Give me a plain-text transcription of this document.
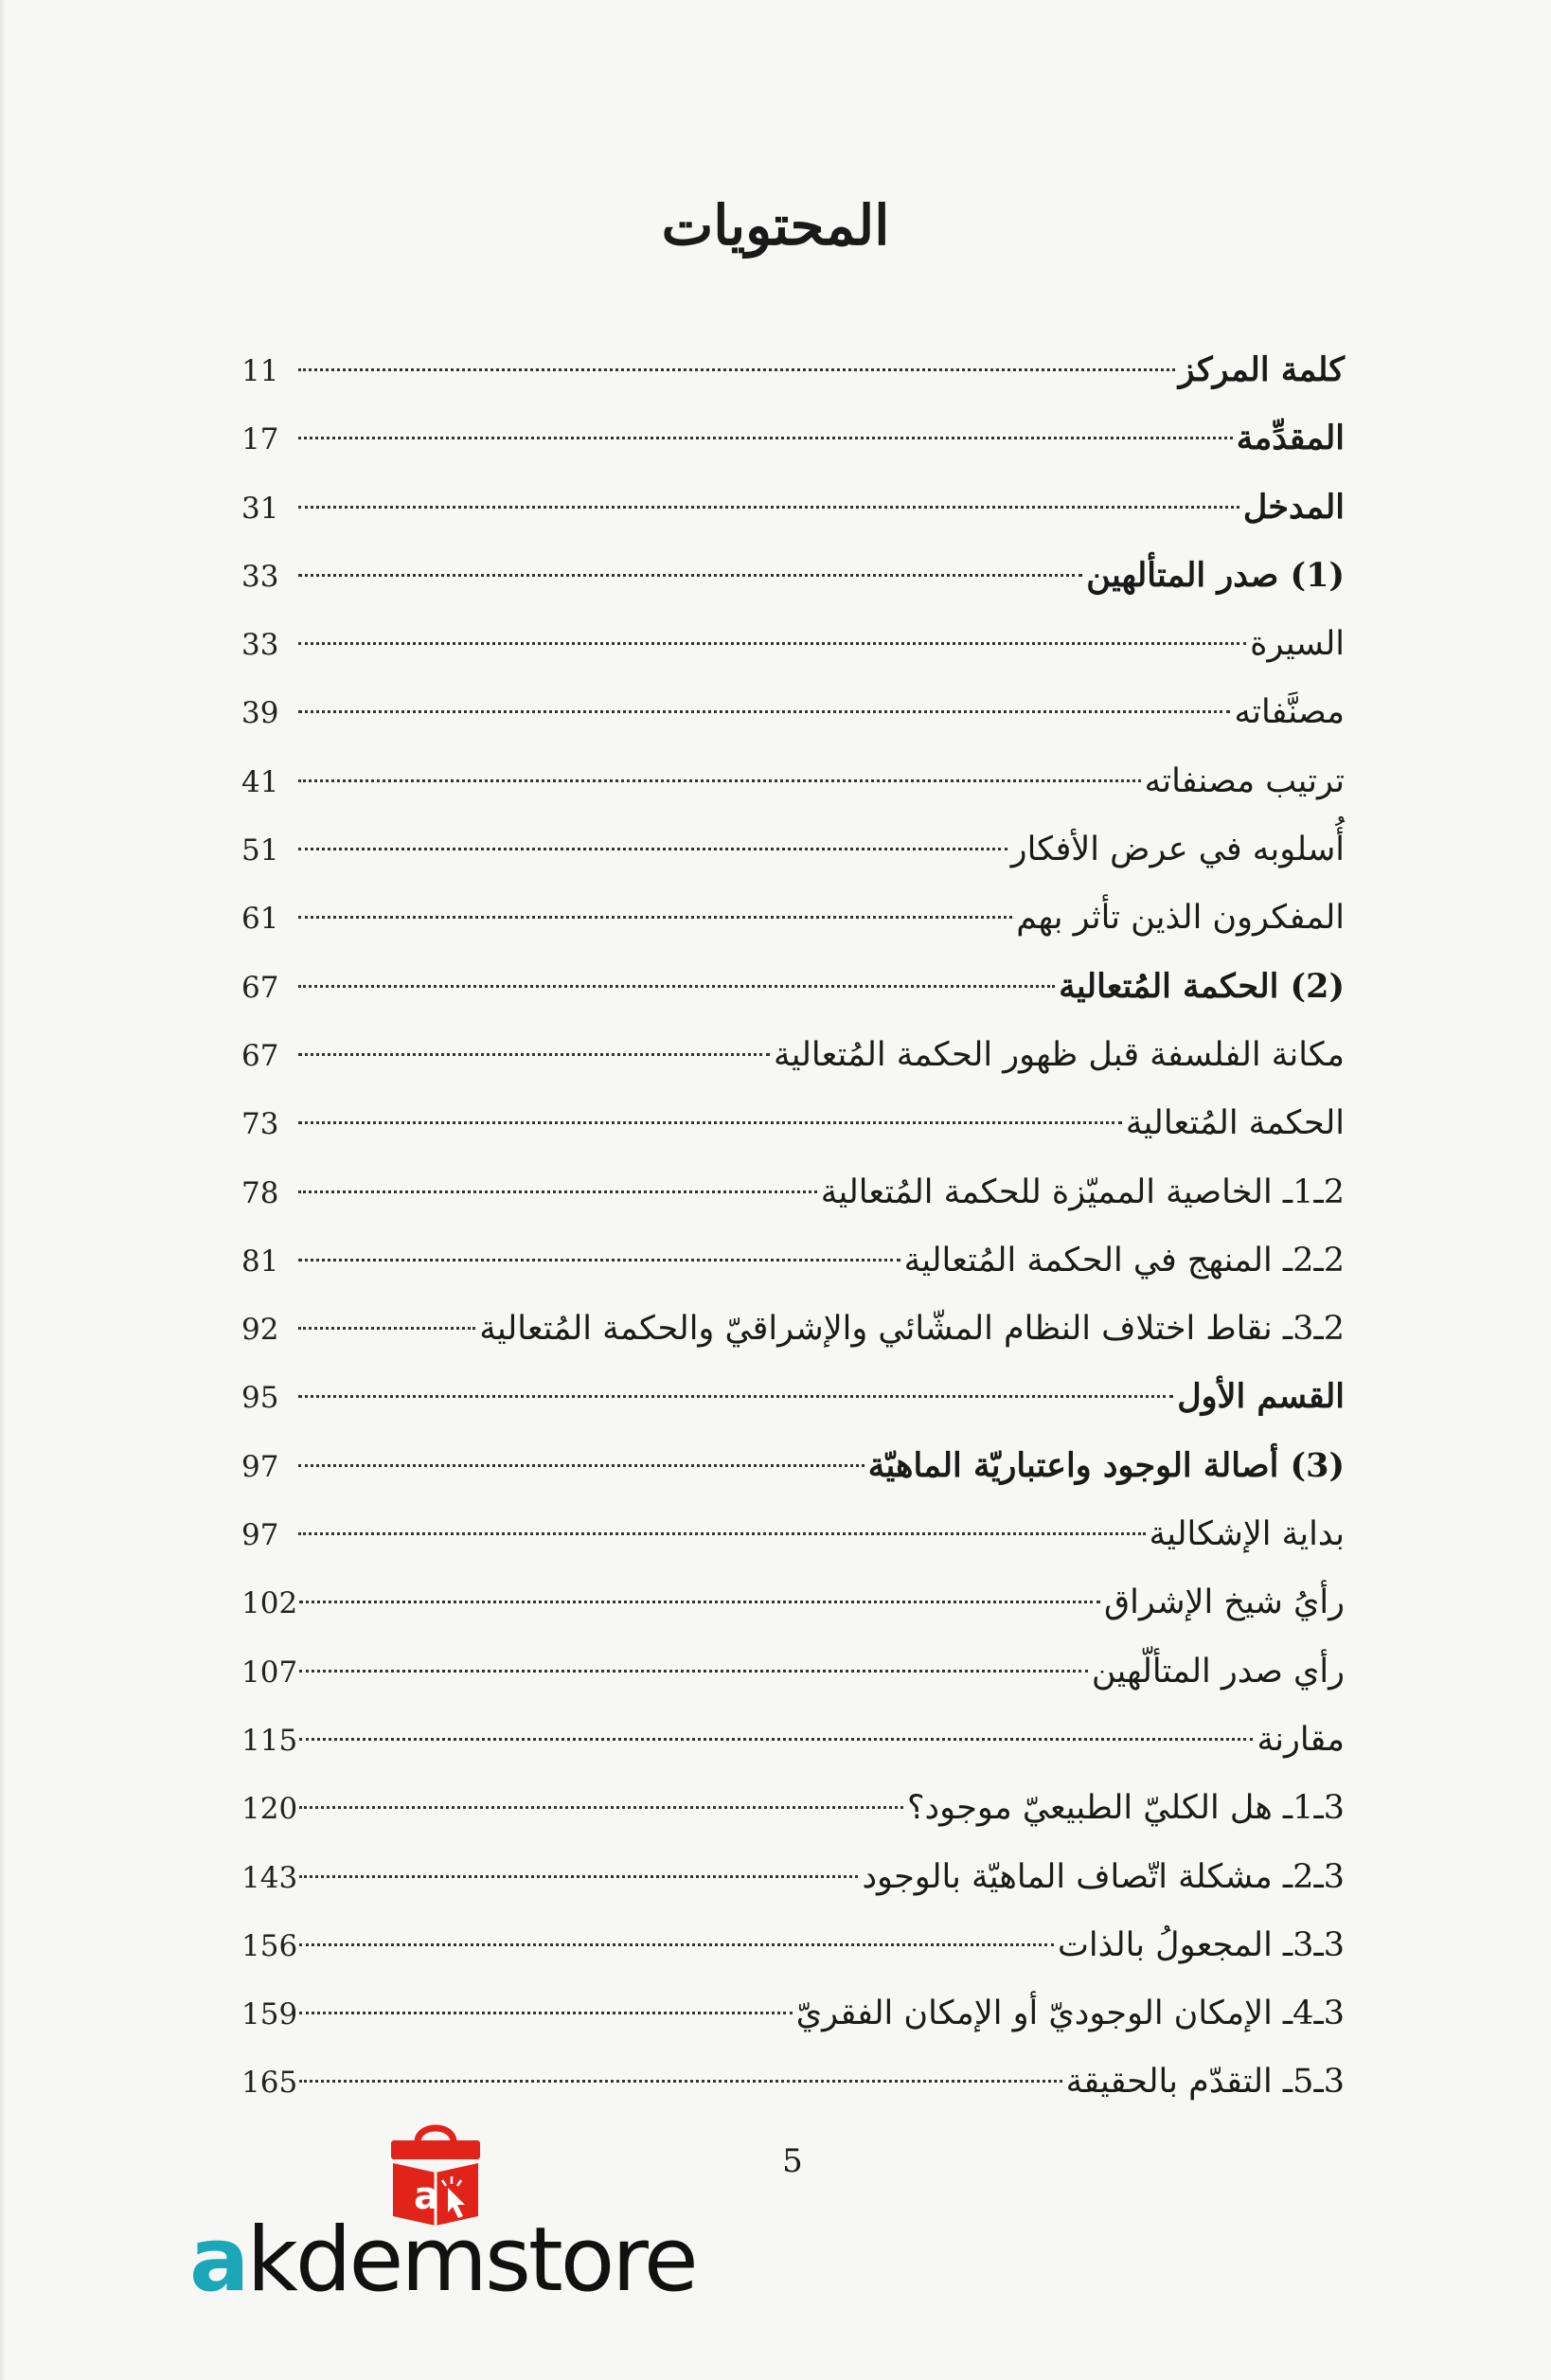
المحتويات
كلمة المركز
11
المقدِّمة
17
المدخل
31
(1) صدر المتألهين
33
السيرة
33
مصنَّفاته
39
ترتيب مصنفاته
41
أُسلوبه في عرض الأفكار
51
المفكرون الذين تأثر بهم
61
(2) الحكمة المُتعالية
67
مكانة الفلسفة قبل ظهور الحكمة المُتعالية
67
الحكمة المُتعالية
73
2ـ1ـ الخاصية المميّزة للحكمة المُتعالية
78
2ـ2ـ المنهج في الحكمة المُتعالية
81
2ـ3ـ نقاط اختلاف النظام المشّائي والإشراقيّ والحكمة المُتعالية
92
القسم الأول
95
(3) أصالة الوجود واعتباريّة الماهيّة
97
بداية الإشكالية
97
رأيُ شيخ الإشراق
102
رأي صدر المتألّهين
107
مقارنة
115
3ـ1ـ هل الكليّ الطبيعيّ موجود؟
120
3ـ2ـ مشكلة اتّصاف الماهيّة بالوجود
143
3ـ3ـ المجعولُ بالذات
156
3ـ4ـ الإمكان الوجوديّ أو الإمكان الفقريّ
159
3ـ5ـ التقدّم بالحقيقة
165
5
a
akdemstore
